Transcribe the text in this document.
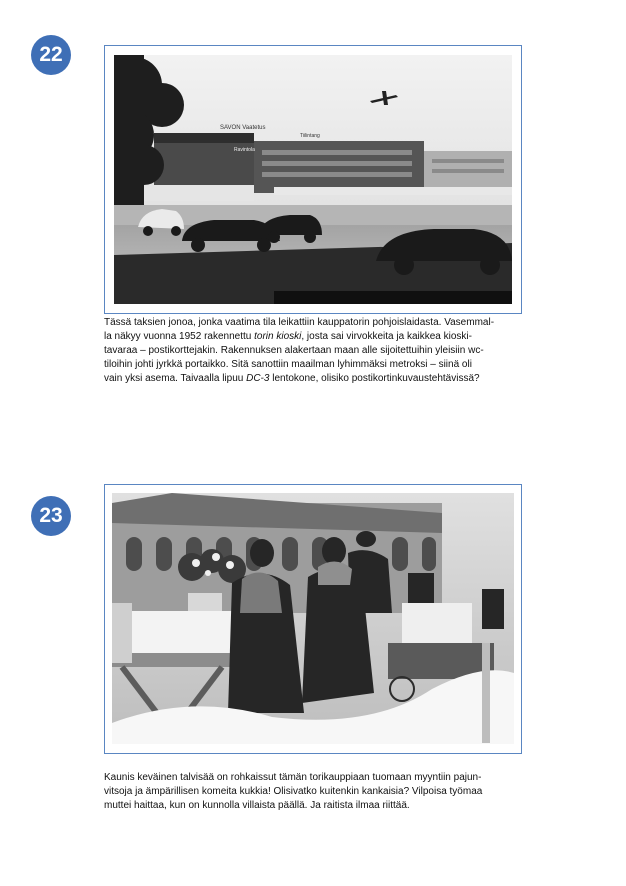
22
SAVON Vaatetus
Tiilintang
Ravintola
Tässä taksien jonoa, jonka vaatima tila leikattiin kauppatorin pohjoislaidasta. Vasemmal-
la näkyy vuonna 1952 rakennettu torin kioski, josta sai virvokkeita ja kaikkea kioski-
tavaraa – postikorttejakin. Rakennuksen alakertaan maan alle sijoitettuihin yleisiin wc-
tiloihin johti jyrkkä portaikko. Sitä sanottiin maailman lyhimmäksi metroksi – siinä oli
vain yksi asema. Taivaalla lipuu DC-3 lentokone, olisiko postikortinkuvaustehtävissä?
23
Kaunis keväinen talvisää on rohkaissut tämän torikauppiaan tuomaan myyntiin pajun-
vitsoja ja ämpärillisen komeita kukkia! Olisivatko kuitenkin kankaisia? Vilpoisa työmaa
muttei haittaa, kun on kunnolla villaista päällä. Ja raitista ilmaa riittää.
